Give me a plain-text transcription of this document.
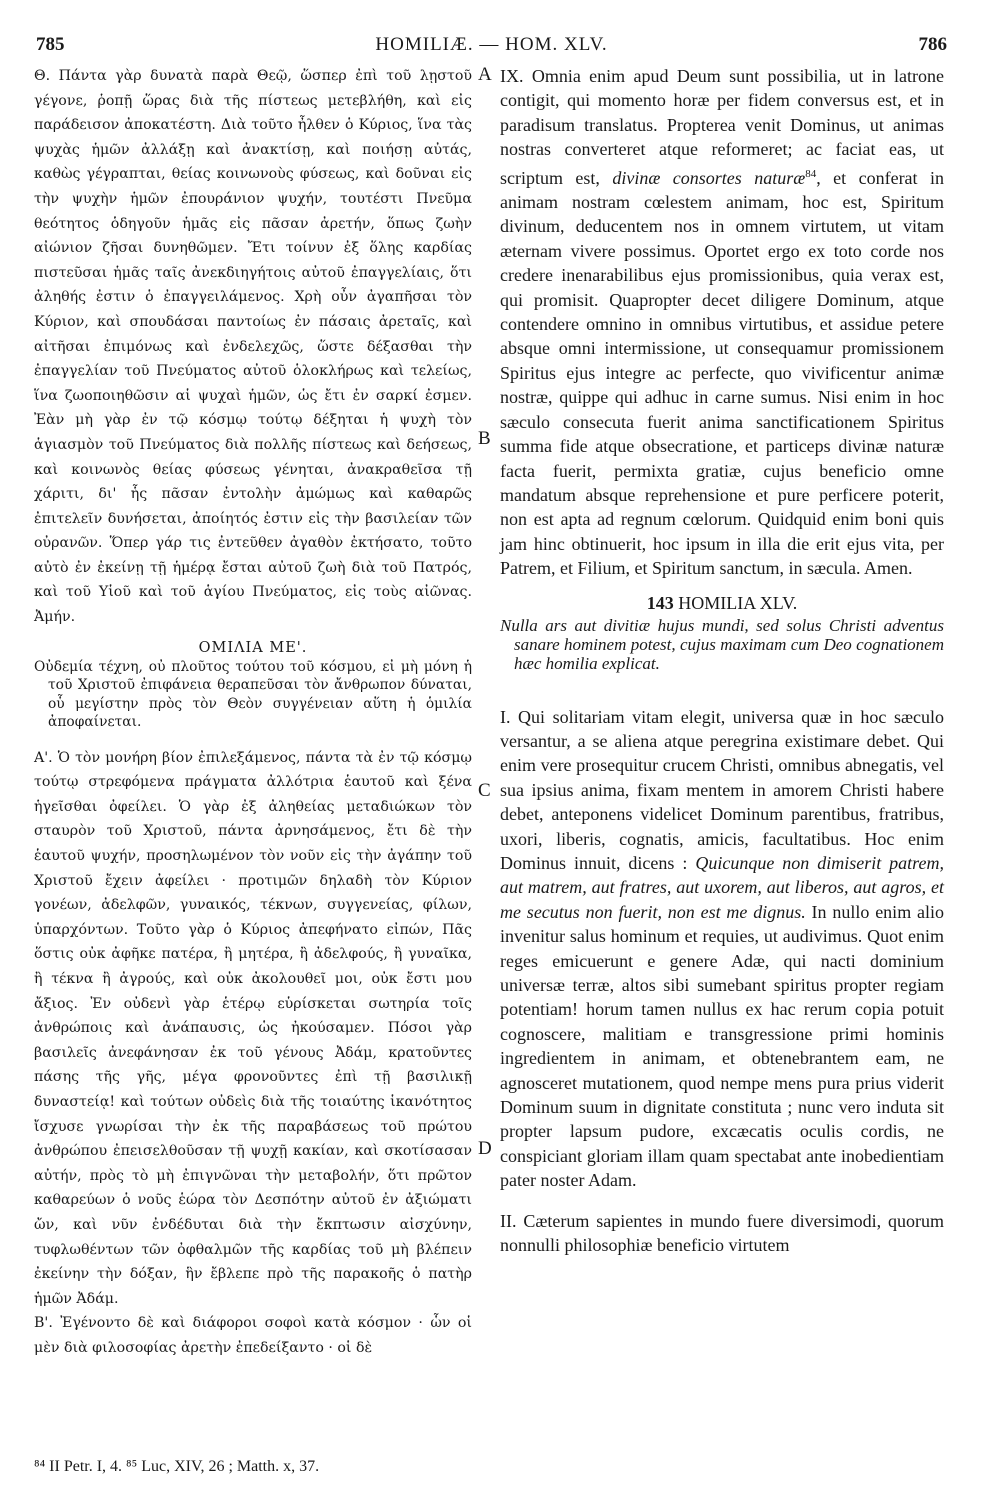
785	HOMILIÆ. — HOM. XLV.	786

Θ. Πάντα γὰρ δυνατὰ παρὰ Θεῷ, ὥσπερ ἐπὶ τοῦ λῃστοῦ γέγονε, ῥοπῇ ὥρας διὰ τῆς πίστεως μετεβλήθη, καὶ εἰς παράδεισον ἀποκατέστη. Διὰ τοῦτο ἦλθεν ὁ Κύριος, ἵνα τὰς ψυχὰς ἡμῶν ἀλλάξῃ καὶ ἀνακτίσῃ, καὶ ποιήσῃ αὐτάς, καθὼς γέγραπται, θείας κοινωνοὺς φύσεως, καὶ δοῦναι εἰς τὴν ψυχὴν ἡμῶν ἐπουράνιον ψυχήν, τουτέστι Πνεῦμα θεότητος ὁδηγοῦν ἡμᾶς εἰς πᾶσαν ἀρετήν, ὅπως ζωὴν αἰώνιον ζῆσαι δυνηθῶμεν. Ἔτι τοίνυν ἐξ ὅλης καρδίας πιστεῦσαι ἡμᾶς ταῖς ἀνεκδιηγήτοις αὐτοῦ ἐπαγγελίαις, ὅτι ἀληθής ἐστιν ὁ ἐπαγγειλάμενος. Χρὴ οὖν ἀγαπῆσαι τὸν Κύριον, καὶ σπουδάσαι παντοίως ἐν πάσαις ἀρεταῖς, καὶ αἰτῆσαι ἐπιμόνως καὶ ἐνδελεχῶς, ὥστε δέξασθαι τὴν ἐπαγγελίαν τοῦ Πνεύματος αὐτοῦ ὁλοκλήρως καὶ τελείως, ἵνα ζωοποιηθῶσιν αἱ ψυχαὶ ἡμῶν, ὡς ἔτι ἐν σαρκί ἐσμεν. Ἐὰν μὴ γὰρ ἐν τῷ κόσμῳ τούτῳ δέξηται ἡ ψυχὴ τὸν ἁγιασμὸν τοῦ Πνεύματος διὰ πολλῆς πίστεως καὶ δεήσεως, καὶ κοινωνὸς θείας φύσεως γένηται, ἀνακραθεῖσα τῇ χάριτι, δι' ἧς πᾶσαν ἐντολὴν ἀμώμως καὶ καθαρῶς ἐπιτελεῖν δυνήσεται, ἀποίητός ἐστιν εἰς τὴν βασιλείαν τῶν οὐρανῶν. Ὅπερ γάρ τις ἐντεῦθεν ἀγαθὸν ἐκτήσατο, τοῦτο αὐτὸ ἐν ἐκείνῃ τῇ ἡμέρᾳ ἔσται αὐτοῦ ζωὴ διὰ τοῦ Πατρός, καὶ τοῦ Υἱοῦ καὶ τοῦ ἁγίου Πνεύματος, εἰς τοὺς αἰῶνας. Ἀμήν.

ΟΜΙΛΙΑ ΜΕ'.

Οὐδεμία τέχνη, οὐ πλοῦτος τούτου τοῦ κόσμου, εἰ μὴ μόνη ἡ τοῦ Χριστοῦ ἐπιφάνεια θεραπεῦσαι τὸν ἄνθρωπον δύναται, οὗ μεγίστην πρὸς τὸν Θεὸν συγγένειαν αὕτη ἡ ὁμιλία ἀποφαίνεται.

Α'. Ὁ τὸν μονήρη βίον ἐπιλεξάμενος, πάντα τὰ ἐν τῷ κόσμῳ τούτῳ στρεφόμενα πράγματα ἀλλότρια ἑαυτοῦ καὶ ξένα ἡγεῖσθαι ὀφείλει. Ὁ γὰρ ἐξ ἀληθείας μεταδιώκων τὸν σταυρὸν τοῦ Χριστοῦ, πάντα ἀρνησάμενος, ἔτι δὲ τὴν ἑαυτοῦ ψυχήν, προσηλωμένον τὸν νοῦν εἰς τὴν ἀγάπην τοῦ Χριστοῦ ἔχειν ἀφείλει · προτιμῶν δηλαδὴ τὸν Κύριον γονέων, ἀδελφῶν, γυναικός, τέκνων, συγγενείας, φίλων, ὑπαρχόντων. Τοῦτο γὰρ ὁ Κύριος ἀπεφήνατο εἰπών, Πᾶς ὅστις οὐκ ἀφῆκε πατέρα, ἢ μητέρα, ἢ ἀδελφούς, ἢ γυναῖκα, ἢ τέκνα ἢ ἀγρούς, καὶ οὐκ ἀκολουθεῖ μοι, οὐκ ἔστι μου ἄξιος. Ἐν οὐδενὶ γὰρ ἑτέρῳ εὑρίσκεται σωτηρία τοῖς ἀνθρώποις καὶ ἀνάπαυσις, ὡς ἠκούσαμεν. Πόσοι γὰρ βασιλεῖς ἀνεφάνησαν ἐκ τοῦ γένους Ἀδάμ, κρατοῦντες πάσης τῆς γῆς, μέγα φρονοῦντες ἐπὶ τῇ βασιλικῇ δυναστείᾳ! καὶ τούτων οὐδεὶς διὰ τῆς τοιαύτης ἱκανότητος ἴσχυσε γνωρίσαι τὴν ἐκ τῆς παραβάσεως τοῦ πρώτου ἀνθρώπου ἐπεισελθοῦσαν τῇ ψυχῇ κακίαν, καὶ σκοτίσασαν αὐτήν, πρὸς τὸ μὴ ἐπιγνῶναι τὴν μεταβολήν, ὅτι πρῶτον καθαρεύων ὁ νοῦς ἑώρα τὸν Δεσπότην αὐτοῦ ἐν ἀξιώματι ὤν, καὶ νῦν ἐνδέδυται διὰ τὴν ἔκπτωσιν αἰσχύνην, τυφλωθέντων τῶν ὀφθαλμῶν τῆς καρδίας τοῦ μὴ βλέπειν ἐκείνην τὴν δόξαν, ἣν ἔβλεπε πρὸ τῆς παρακοῆς ὁ πατὴρ ἡμῶν Ἀδάμ.

Β'. Ἐγένοντο δὲ καὶ διάφοροι σοφοὶ κατὰ κόσμον · ὧν οἱ μὲν διὰ φιλοσοφίας ἀρετὴν ἐπεδείξαντο · οἱ δὲ

A
B
C
D

IX. Omnia enim apud Deum sunt possibilia, ut in latrone contigit, qui momento horæ per fidem conversus est, et in paradisum translatus. Propterea venit Dominus, ut animas nostras converteret atque reformeret; ac faciat eas, ut scriptum est, divinæ consortes naturæ$^{84}$, et conferat in animam nostram cœlestem animam, hoc est, Spiritum divinum, deducentem nos in omnem virtutem, ut vitam æternam vivere possimus. Oportet ergo ex toto corde nos credere inenarabilibus ejus promissionibus, quia verax est, qui promisit. Quapropter decet diligere Dominum, atque contendere omnino in omnibus virtutibus, et assidue petere absque omni intermissione, ut consequamur promissionem Spiritus ejus integre ac perfecte, quo vivificentur animæ nostræ, quippe qui adhuc in carne sumus. Nisi enim in hoc sæculo consecuta fuerit anima sanctificationem Spiritus summa fide atque obsecratione, et particeps divinæ naturæ facta fuerit, permixta gratiæ, cujus beneficio omne mandatum absque reprehensione et pure perficere poterit, non est apta ad regnum cœlorum. Quidquid enim boni quis jam hinc obtinuerit, hoc ipsum in illa die erit ejus vita, per Patrem, et Filium, et Spiritum sanctum, in sæcula. Amen.

143 HOMILIA XLV.

Nulla ars aut divitiæ hujus mundi, sed solus Christi adventus sanare hominem potest, cujus maximam cum Deo cognationem hæc homilia explicat.

I. Qui solitariam vitam elegit, universa quæ in hoc sæculo versantur, a se aliena atque peregrina existimare debet. Qui enim vere prosequitur crucem Christi, omnibus abnegatis, vel sua ipsius anima, fixam mentem in amorem Christi habere debet, anteponens videlicet Dominum parentibus, fratribus, uxori, liberis, cognatis, amicis, facultatibus. Hoc enim Dominus innuit, dicens : Quicunque non dimiserit patrem, aut matrem, aut fratres, aut uxorem, aut liberos, aut agros, et me secutus non fuerit, non est me dignus. In nullo enim alio invenitur salus hominum et requies, ut audivimus. Quot enim reges emicuerunt e genere Adæ, qui nacti dominium universæ terræ, altos sibi sumebant spiritus propter regiam potentiam! horum tamen nullus ex hac rerum copia potuit cognoscere, malitiam e transgressione primi hominis ingredientem in animam, et obtenebrantem eam, ne agnosceret mutationem, quod nempe mens pura prius viderit Dominum suum in dignitate constituta ; nunc vero induta sit propter lapsum pudore, excæcatis oculis cordis, ne conspiciant gloriam illam quam spectabat ante inobedientiam pater noster Adam.

II. Cæterum sapientes in mundo fuere diversimodi, quorum nonnulli philosophiæ beneficio virtutem

⁸⁴ II Petr. I, 4. ⁸⁵ Luc, XIV, 26 ; Matth. x, 37.
